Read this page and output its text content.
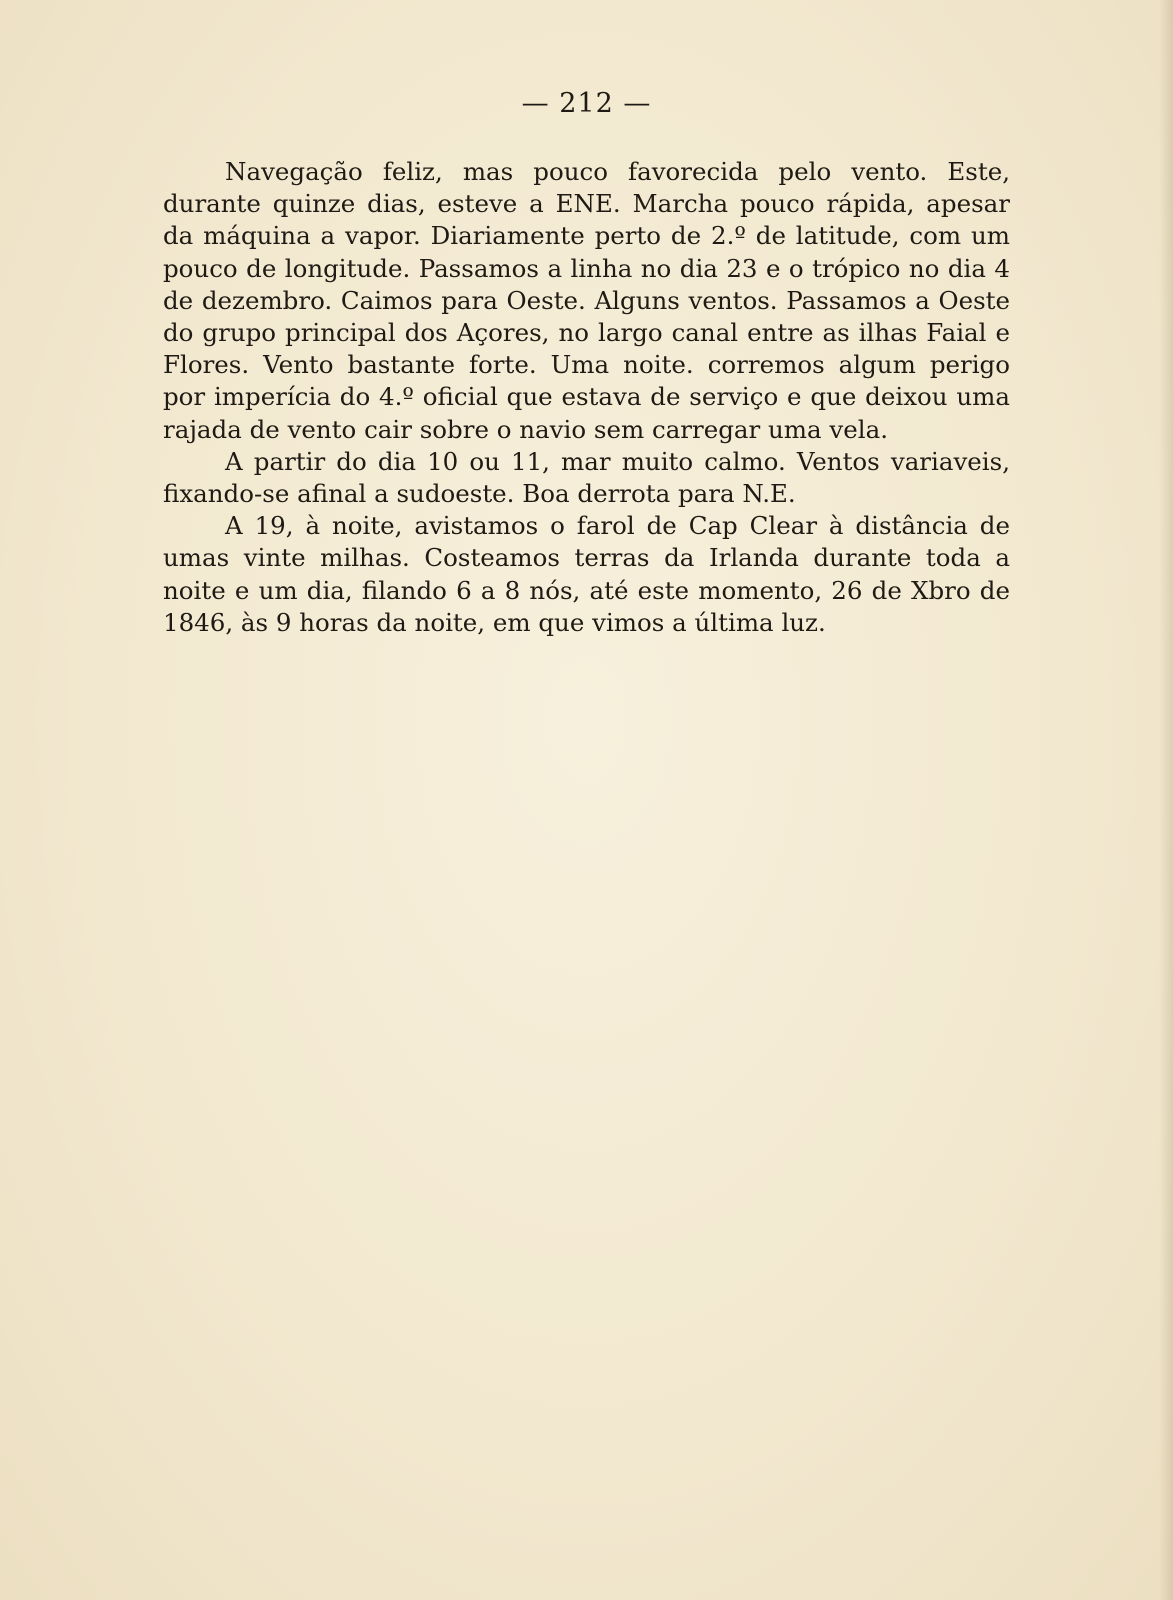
— 212 —

Navegação feliz, mas pouco favorecida pelo vento. Este, durante quinze dias, esteve a ENE. Marcha pouco rápida, apesar da máquina a vapor. Diariamente perto de 2.º de latitude, com um pouco de longitude. Passamos a linha no dia 23 e o trópico no dia 4 de dezembro. Caimos para Oeste. Alguns ventos. Passamos a Oeste do grupo principal dos Açores, no largo canal entre as ilhas Faial e Flores. Vento bastante forte. Uma noite. corremos algum perigo por imperícia do 4.º oficial que estava de serviço e que deixou uma rajada de vento cair sobre o navio sem carregar uma vela.

A partir do dia 10 ou 11, mar muito calmo. Ventos variaveis, fixando-se afinal a sudoeste. Boa derrota para N.E.

A 19, à noite, avistamos o farol de Cap Clear à distância de umas vinte milhas. Costeamos terras da Irlanda durante toda a noite e um dia, filando 6 a 8 nós, até este momento, 26 de Xbro de 1846, às 9 horas da noite, em que vimos a última luz.
